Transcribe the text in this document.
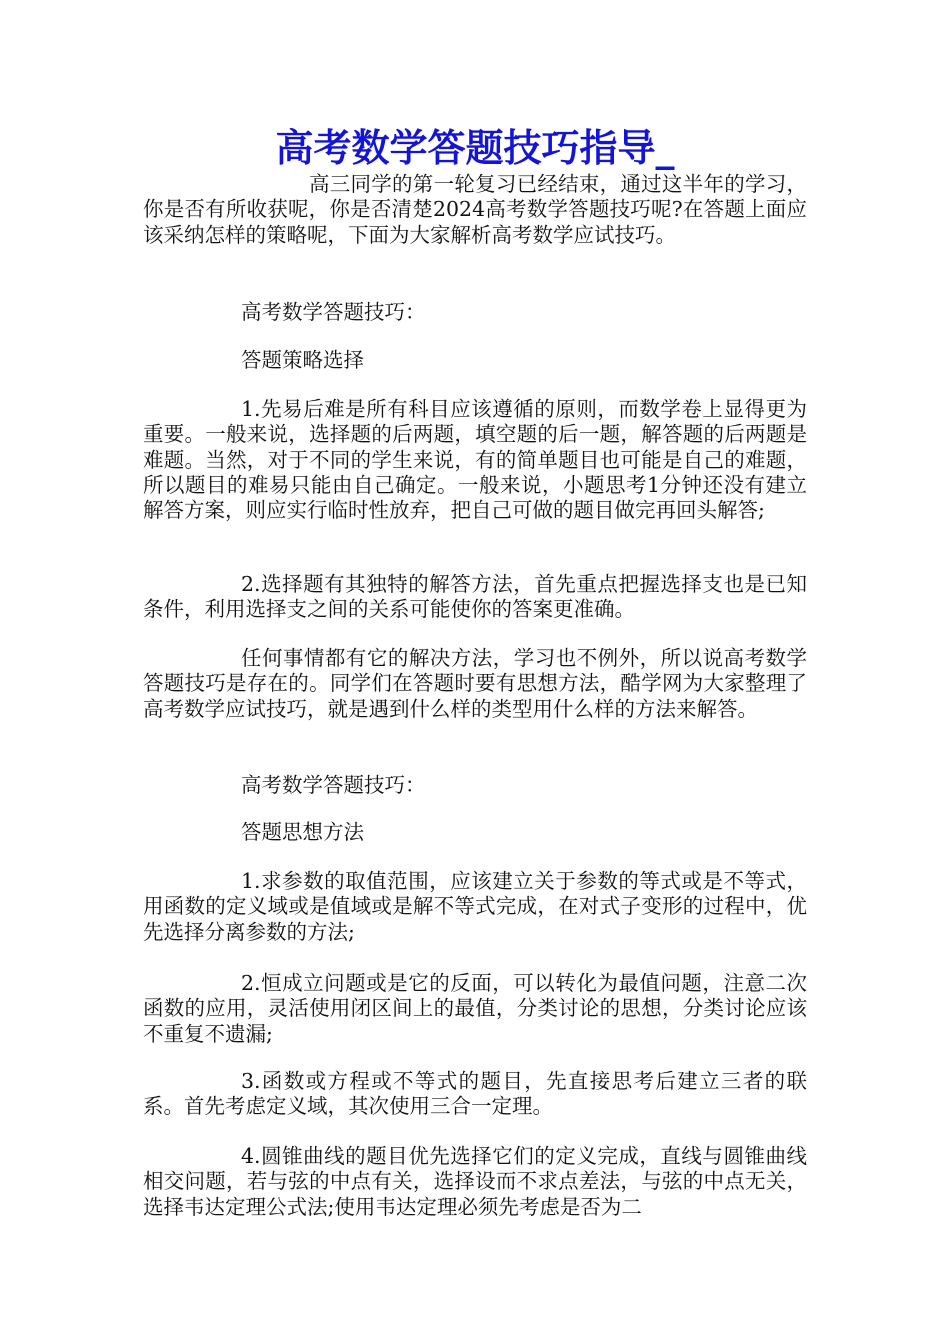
高考数学答题技巧指导_

高三同学的第一轮复习已经结束，通过这半年的学习，你是否有所收获呢，你是否清楚2024高考数学答题技巧呢?在答题上面应该采纳怎样的策略呢，下面为大家解析高考数学应试技巧。

高考数学答题技巧：

答题策略选择

1.先易后难是所有科目应该遵循的原则，而数学卷上显得更为重要。一般来说，选择题的后两题，填空题的后一题，解答题的后两题是难题。当然，对于不同的学生来说，有的简单题目也可能是自己的难题，所以题目的难易只能由自己确定。一般来说，小题思考1分钟还没有建立解答方案，则应实行临时性放弃，把自己可做的题目做完再回头解答;

2.选择题有其独特的解答方法，首先重点把握选择支也是已知条件，利用选择支之间的关系可能使你的答案更准确。

任何事情都有它的解决方法，学习也不例外，所以说高考数学答题技巧是存在的。同学们在答题时要有思想方法，酷学网为大家整理了高考数学应试技巧，就是遇到什么样的类型用什么样的方法来解答。

高考数学答题技巧：

答题思想方法

1.求参数的取值范围，应该建立关于参数的等式或是不等式，用函数的定义域或是值域或是解不等式完成，在对式子变形的过程中，优先选择分离参数的方法;

2.恒成立问题或是它的反面，可以转化为最值问题，注意二次函数的应用，灵活使用闭区间上的最值，分类讨论的思想，分类讨论应该不重复不遗漏;

3.函数或方程或不等式的题目，先直接思考后建立三者的联系。首先考虑定义域，其次使用三合一定理。

4.圆锥曲线的题目优先选择它们的定义完成，直线与圆锥曲线相交问题，若与弦的中点有关，选择设而不求点差法，与弦的中点无关，选择韦达定理公式法;使用韦达定理必须先考虑是否为二
